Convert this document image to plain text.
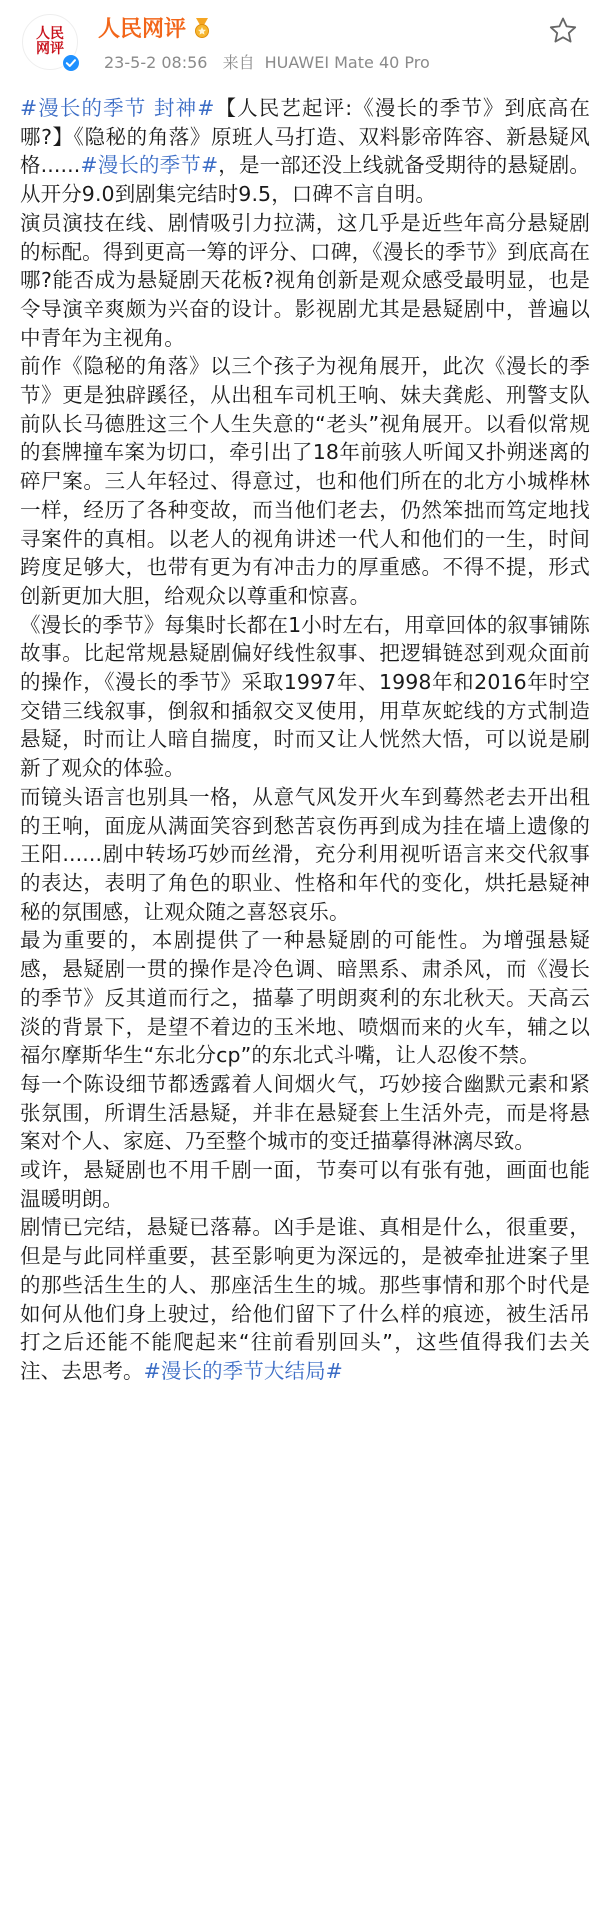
人民
网评
人民网评
23-5-2 08:56 来自 HUAWEI Mate 40 Pro

#漫长的季节 封神#【人民艺起评:《漫长的季节》到底高在哪?】《隐秘的角落》原班人马打造、双料影帝阵容、新悬疑风格......#漫长的季节#，是一部还没上线就备受期待的悬疑剧。从开分9.0到剧集完结时9.5，口碑不言自明。

演员演技在线、剧情吸引力拉满，这几乎是近些年高分悬疑剧的标配。得到更高一筹的评分、口碑，《漫长的季节》到底高在哪?能否成为悬疑剧天花板?视角创新是观众感受最明显，也是令导演辛爽颇为兴奋的设计。影视剧尤其是悬疑剧中，普遍以中青年为主视角。

前作《隐秘的角落》以三个孩子为视角展开，此次《漫长的季节》更是独辟蹊径，从出租车司机王响、妹夫龚彪、刑警支队前队长马德胜这三个人生失意的“老头”视角展开。以看似常规的套牌撞车案为切口，牵引出了18年前骇人听闻又扑朔迷离的碎尸案。三人年轻过、得意过，也和他们所在的北方小城桦林一样，经历了各种变故，而当他们老去，仍然笨拙而笃定地找寻案件的真相。以老人的视角讲述一代人和他们的一生，时间跨度足够大，也带有更为有冲击力的厚重感。不得不提，形式创新更加大胆，给观众以尊重和惊喜。

《漫长的季节》每集时长都在1小时左右，用章回体的叙事铺陈故事。比起常规悬疑剧偏好线性叙事、把逻辑链怼到观众面前的操作，《漫长的季节》采取1997年、1998年和2016年时空交错三线叙事，倒叙和插叙交叉使用，用草灰蛇线的方式制造悬疑，时而让人暗自揣度，时而又让人恍然大悟，可以说是刷新了观众的体验。

而镜头语言也别具一格，从意气风发开火车到蓦然老去开出租的王响，面庞从满面笑容到愁苦哀伤再到成为挂在墙上遗像的王阳......剧中转场巧妙而丝滑，充分利用视听语言来交代叙事的表达，表明了角色的职业、性格和年代的变化，烘托悬疑神秘的氛围感，让观众随之喜怒哀乐。

最为重要的，本剧提供了一种悬疑剧的可能性。为增强悬疑感，悬疑剧一贯的操作是冷色调、暗黑系、肃杀风，而《漫长的季节》反其道而行之，描摹了明朗爽利的东北秋天。天高云淡的背景下，是望不着边的玉米地、喷烟而来的火车，辅之以福尔摩斯华生“东北分cp”的东北式斗嘴，让人忍俊不禁。

每一个陈设细节都透露着人间烟火气，巧妙接合幽默元素和紧张氛围，所谓生活悬疑，并非在悬疑套上生活外壳，而是将悬案对个人、家庭、乃至整个城市的变迁描摹得淋漓尽致。

或许，悬疑剧也不用千剧一面，节奏可以有张有弛，画面也能温暖明朗。

剧情已完结，悬疑已落幕。凶手是谁、真相是什么，很重要，但是与此同样重要，甚至影响更为深远的，是被牵扯进案子里的那些活生生的人、那座活生生的城。那些事情和那个时代是如何从他们身上驶过，给他们留下了什么样的痕迹，被生活吊打之后还能不能爬起来“往前看别回头”，这些值得我们去关注、去思考。#漫长的季节大结局#
